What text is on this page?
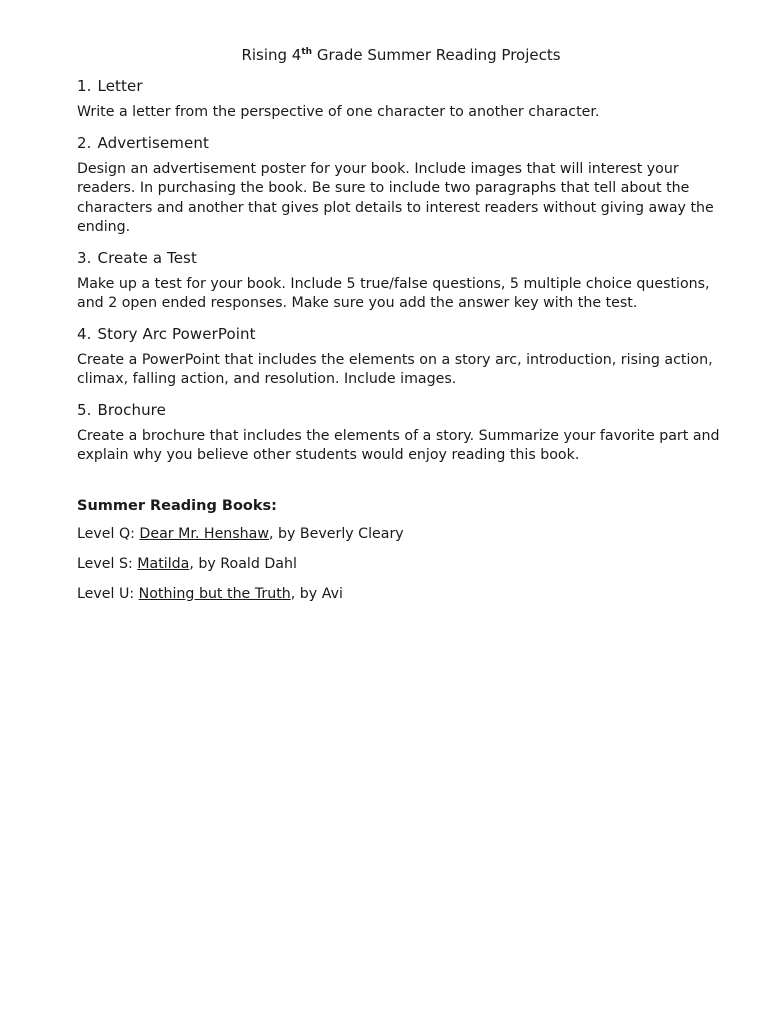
Rising 4th Grade Summer Reading Projects
1. Letter

Write a letter from the perspective of one character to another character.

2. Advertisement

Design an advertisement poster for your book. Include images that will interest your readers. In purchasing the book. Be sure to include two paragraphs that tell about the characters and another that gives plot details to interest readers without giving away the ending.

3. Create a Test

Make up a test for your book. Include 5 true/false questions, 5 multiple choice questions, and 2 open ended responses. Make sure you add the answer key with the test.

4. Story Arc PowerPoint

Create a PowerPoint that includes the elements on a story arc, introduction, rising action, climax, falling action, and resolution. Include images.

5. Brochure

Create a brochure that includes the elements of a story. Summarize your favorite part and explain why you believe other students would enjoy reading this book.

Summer Reading Books:

Level Q: Dear Mr. Henshaw, by Beverly Cleary

Level S: Matilda, by Roald Dahl

Level U: Nothing but the Truth, by Avi
